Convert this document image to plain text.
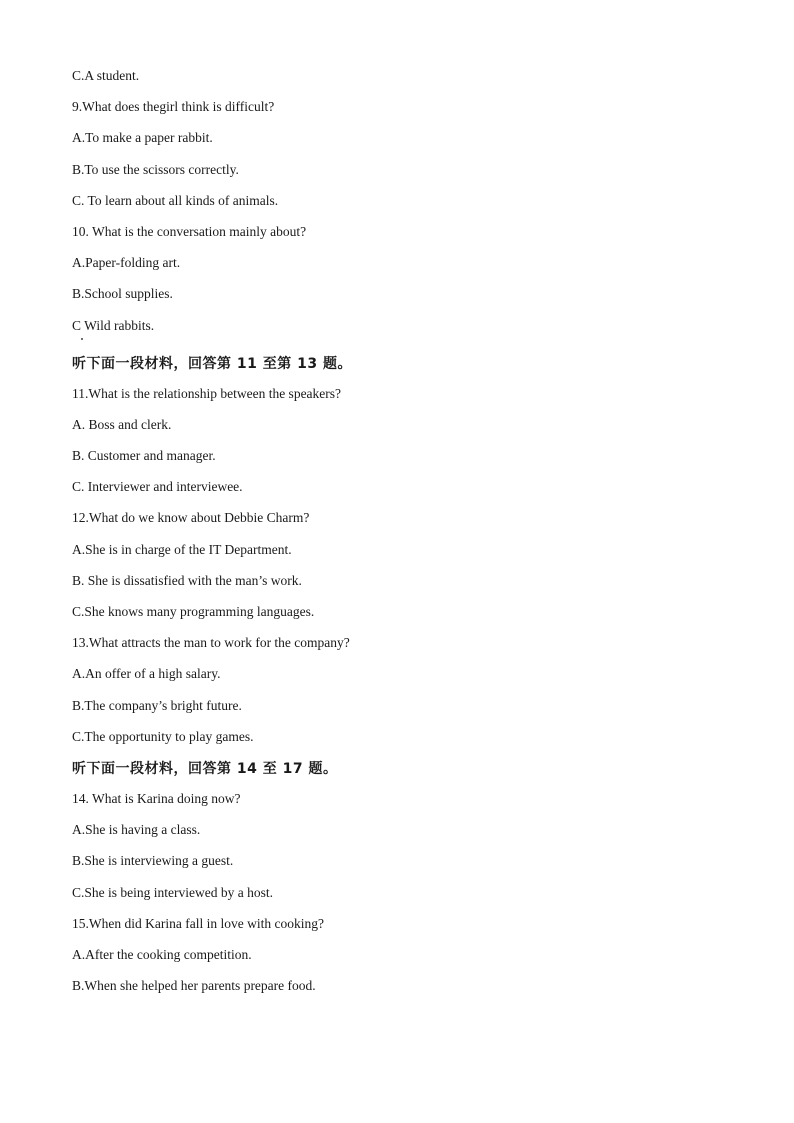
C.A student.
9.What does thegirl think is difficult?
A.To make a paper rabbit.
B.To use the scissors correctly.
C. To learn about all kinds of animals.
10. What is the conversation mainly about?
A.Paper-folding art.
B.School supplies.
C Wild rabbits.
听下面一段材料，回答第 11 至第 13 题。
11.What is the relationship between the speakers?
A. Boss and clerk.
B. Customer and manager.
C. Interviewer and interviewee.
12.What do we know about Debbie Charm?
A.She is in charge of the IT Department.
B. She is dissatisfied with the man’s work.
C.She knows many programming languages.
13.What attracts the man to work for the company?
A.An offer of a high salary.
B.The company’s bright future.
C.The opportunity to play games.
听下面一段材料，回答第 14 至 17 题。
14. What is Karina doing now?
A.She is having a class.
B.She is interviewing a guest.
C.She is being interviewed by a host.
15.When did Karina fall in love with cooking?
A.After the cooking competition.
B.When she helped her parents prepare food.
